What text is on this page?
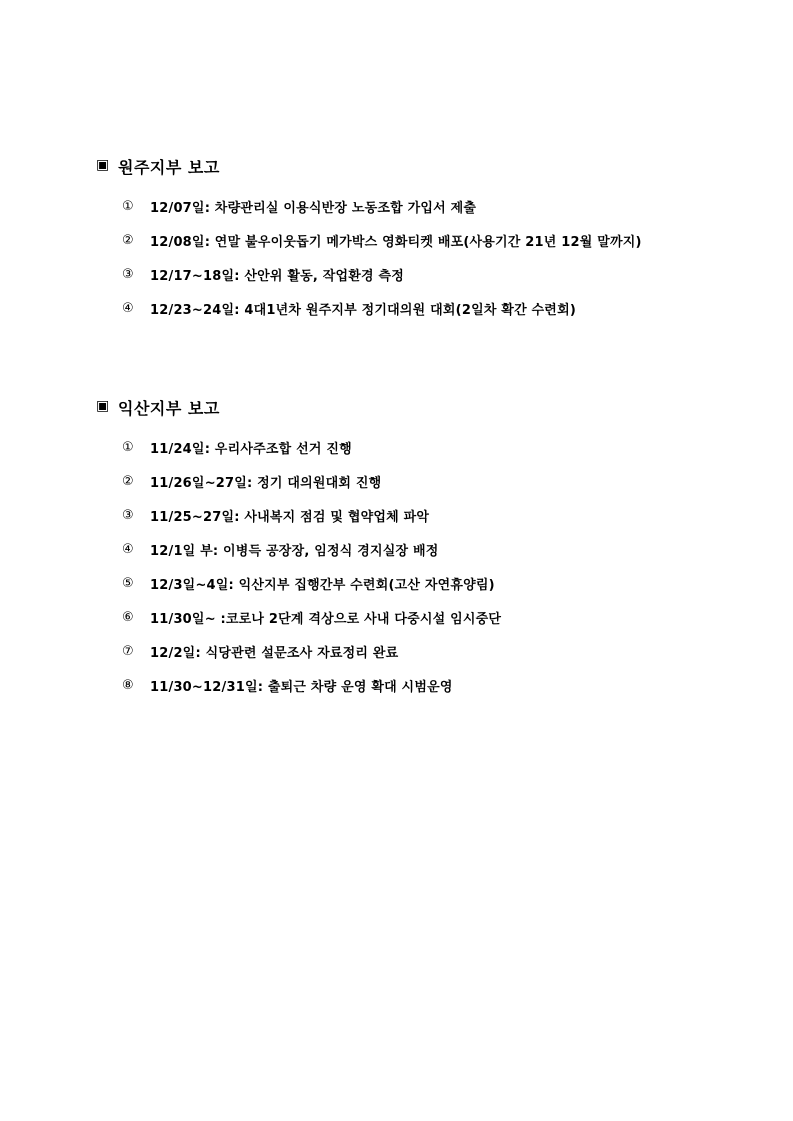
▣ 원주지부 보고
①	12/07일: 차량관리실 이용식반장 노동조합 가입서 제출
②	12/08일: 연말 불우이웃돕기 메가박스 영화티켓 배포(사용기간 21년 12월 말까지)
③	12/17~18일: 산안위 활동, 작업환경 측정
④	12/23~24일: 4대1년차 원주지부 정기대의원 대회(2일차 확간 수련회)
▣ 익산지부 보고
①	11/24일: 우리사주조합 선거 진행
②	11/26일~27일: 정기 대의원대회 진행
③	11/25~27일: 사내복지 점검 및 협약업체 파악
④	12/1일 부: 이병득 공장장, 임정식 경지실장 배정
⑤	12/3일~4일: 익산지부 집행간부 수련회(고산 자연휴양림)
⑥	11/30일~ :코로나 2단계 격상으로 사내 다중시설 임시중단
⑦	12/2일: 식당관련 설문조사 자료정리 완료
⑧	11/30~12/31일: 출퇴근 차량 운영 확대 시범운영
